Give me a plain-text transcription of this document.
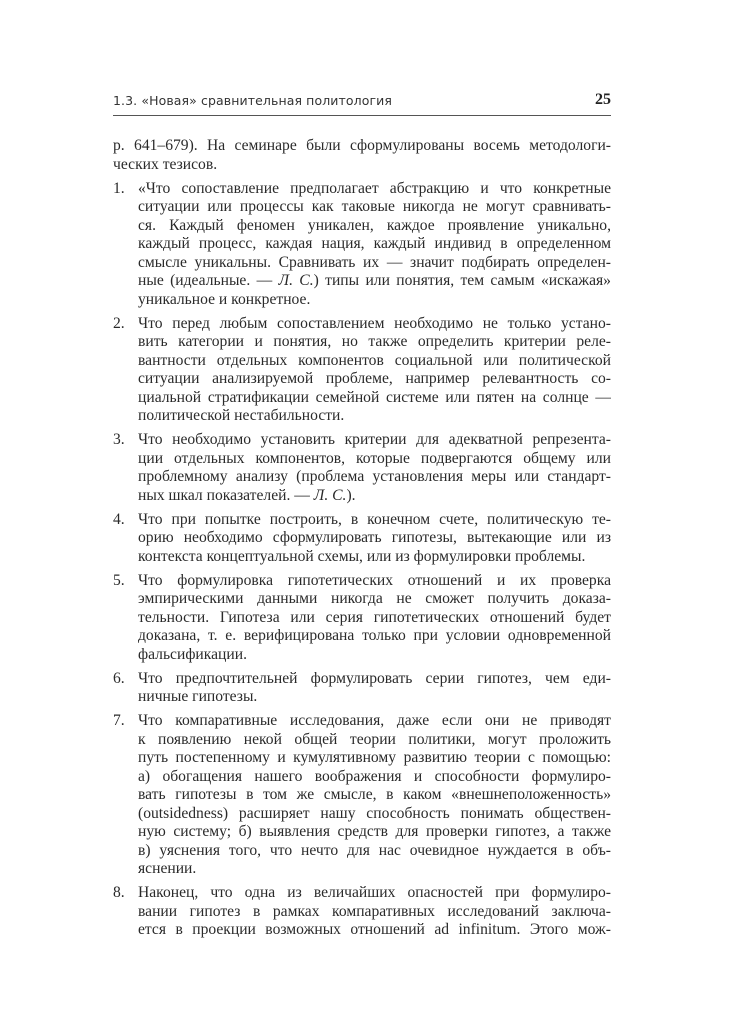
1.3. «Новая» сравнительная политология	25
р. 641–679). На семинаре были сформулированы восемь методологи-
ческих тезисов.
1. «Что сопоставление предполагает абстракцию и что конкретные
ситуации или процессы как таковые никогда не могут сравнивать-
ся. Каждый феномен уникален, каждое проявление уникально,
каждый процесс, каждая нация, каждый индивид в определенном
смысле уникальны. Сравнивать их — значит подбирать определен-
ные (идеальные. — Л. С.) типы или понятия, тем самым «искажая»
уникальное и конкретное.
2. Что перед любым сопоставлением необходимо не только устано-
вить категории и понятия, но также определить критерии реле-
вантности отдельных компонентов социальной или политической
ситуации анализируемой проблеме, например релевантность со-
циальной стратификации семейной системе или пятен на солнце —
политической нестабильности.
3. Что необходимо установить критерии для адекватной репрезента-
ции отдельных компонентов, которые подвергаются общему или
проблемному анализу (проблема установления меры или стандарт-
ных шкал показателей. — Л. С.).
4. Что при попытке построить, в конечном счете, политическую те-
орию необходимо сформулировать гипотезы, вытекающие или из
контекста концептуальной схемы, или из формулировки проблемы.
5. Что формулировка гипотетических отношений и их проверка
эмпирическими данными никогда не сможет получить доказа-
тельности. Гипотеза или серия гипотетических отношений будет
доказана, т. е. верифицирована только при условии одновременной
фальсификации.
6. Что предпочтительней формулировать серии гипотез, чем еди-
ничные гипотезы.
7. Что компаративные исследования, даже если они не приводят
к появлению некой общей теории политики, могут проложить
путь постепенному и кумулятивному развитию теории с помощью:
а) обогащения нашего воображения и способности формулиро-
вать гипотезы в том же смысле, в каком «внешнеположенность»
(outsidedness) расширяет нашу способность понимать обществен-
ную систему; б) выявления средств для проверки гипотез, а также
в) уяснения того, что нечто для нас очевидное нуждается в объ-
яснении.
8. Наконец, что одна из величайших опасностей при формулиро-
вании гипотез в рамках компаративных исследований заключа-
ется в проекции возможных отношений ad infinitum. Этого мож-
